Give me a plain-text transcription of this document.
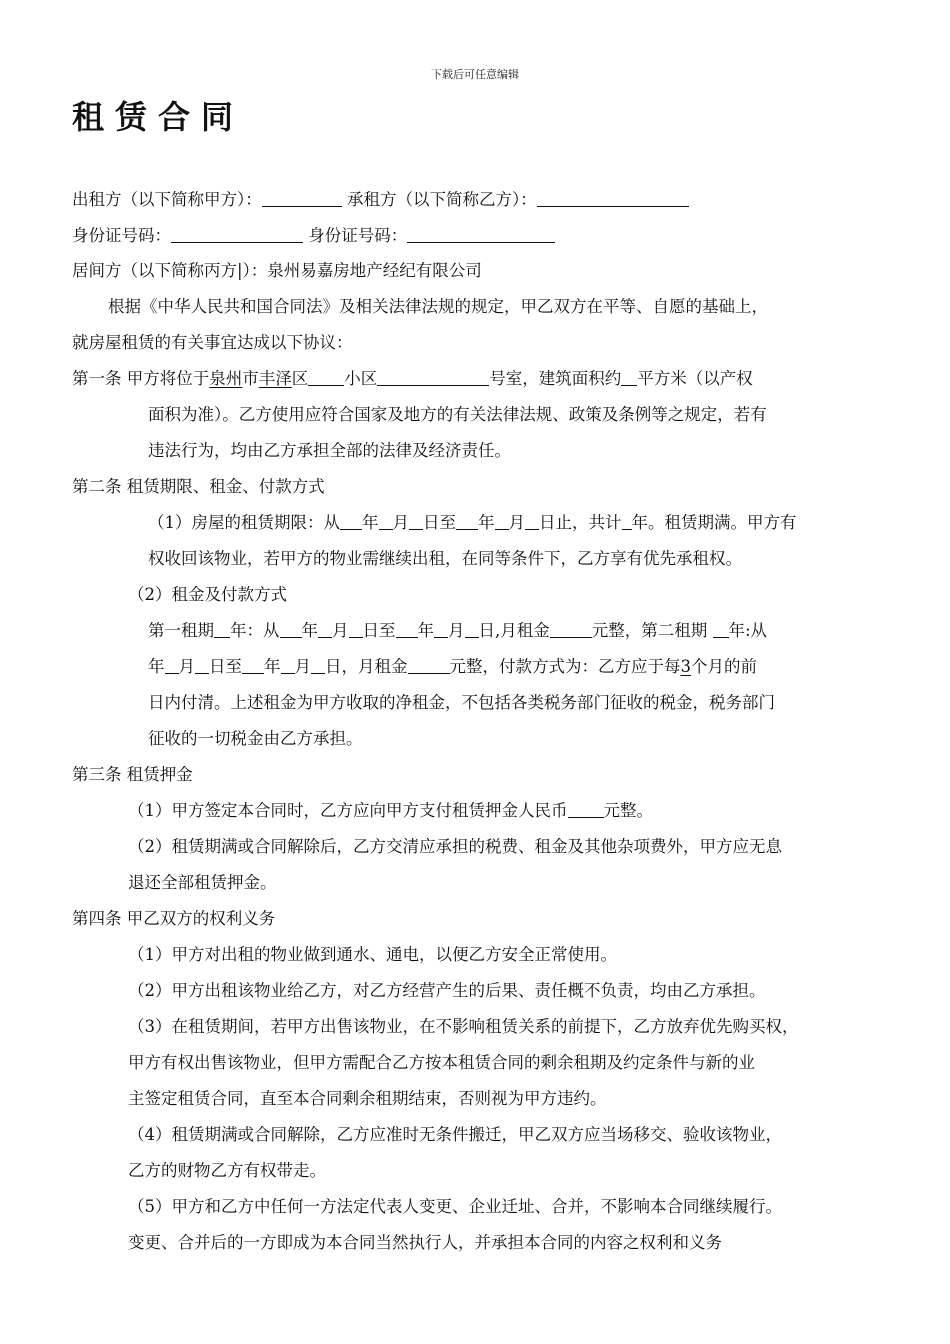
下载后可任意编辑
租赁合同
出租方（以下简称甲方）：	承租方（以下简称乙方）：
身份证号码：	身份证号码：
居间方（以下简称丙方|）：泉州易嘉房地产经纪有限公司
根据《中华人民共和国合同法》及相关法律法规的规定，甲乙双方在平等、自愿的基础上，
就房屋租赁的有关事宜达成以下协议：
第一条 甲方将位于泉州市丰泽区 小区	号室，建筑面积约 平方米（以产权
面积为准）。乙方使用应符合国家及地方的有关法律法规、政策及条例等之规定，若有
违法行为，均由乙方承担全部的法律及经济责任。
第二条 租赁期限、租金、付款方式
（1）房屋的租赁期限：从 年 月 日至 年 月 日止，共计 年。租赁期满。甲方有
权收回该物业，若甲方的物业需继续出租，在同等条件下，乙方享有优先承租权。
（2）租金及付款方式
第一租期 年：从 年 月 日至 年 月 日,月租金	元整，第二租期 年:从
年 月 日至 年 月 日，月租金	元整，付款方式为：乙方应于每3个月的前
日内付清。上述租金为甲方收取的净租金，不包括各类税务部门征收的税金，税务部门
征收的一切税金由乙方承担。
第三条 租赁押金
（1）甲方签定本合同时，乙方应向甲方支付租赁押金人民币 元整。
（2）租赁期满或合同解除后，乙方交清应承担的税费、租金及其他杂项费外，甲方应无息
退还全部租赁押金。
第四条 甲乙双方的权利义务
（1）甲方对出租的物业做到通水、通电，以便乙方安全正常使用。
（2）甲方出租该物业给乙方，对乙方经营产生的后果、责任概不负责，均由乙方承担。
（3）在租赁期间，若甲方出售该物业，在不影响租赁关系的前提下，乙方放弃优先购买权，
甲方有权出售该物业，但甲方需配合乙方按本租赁合同的剩余租期及约定条件与新的业
主签定租赁合同，直至本合同剩余租期结束，否则视为甲方违约。
（4）租赁期满或合同解除，乙方应准时无条件搬迁，甲乙双方应当场移交、验收该物业，
乙方的财物乙方有权带走。
（5）甲方和乙方中任何一方法定代表人变更、企业迁址、合并，不影响本合同继续履行。
变更、合并后的一方即成为本合同当然执行人，并承担本合同的内容之权利和义务
